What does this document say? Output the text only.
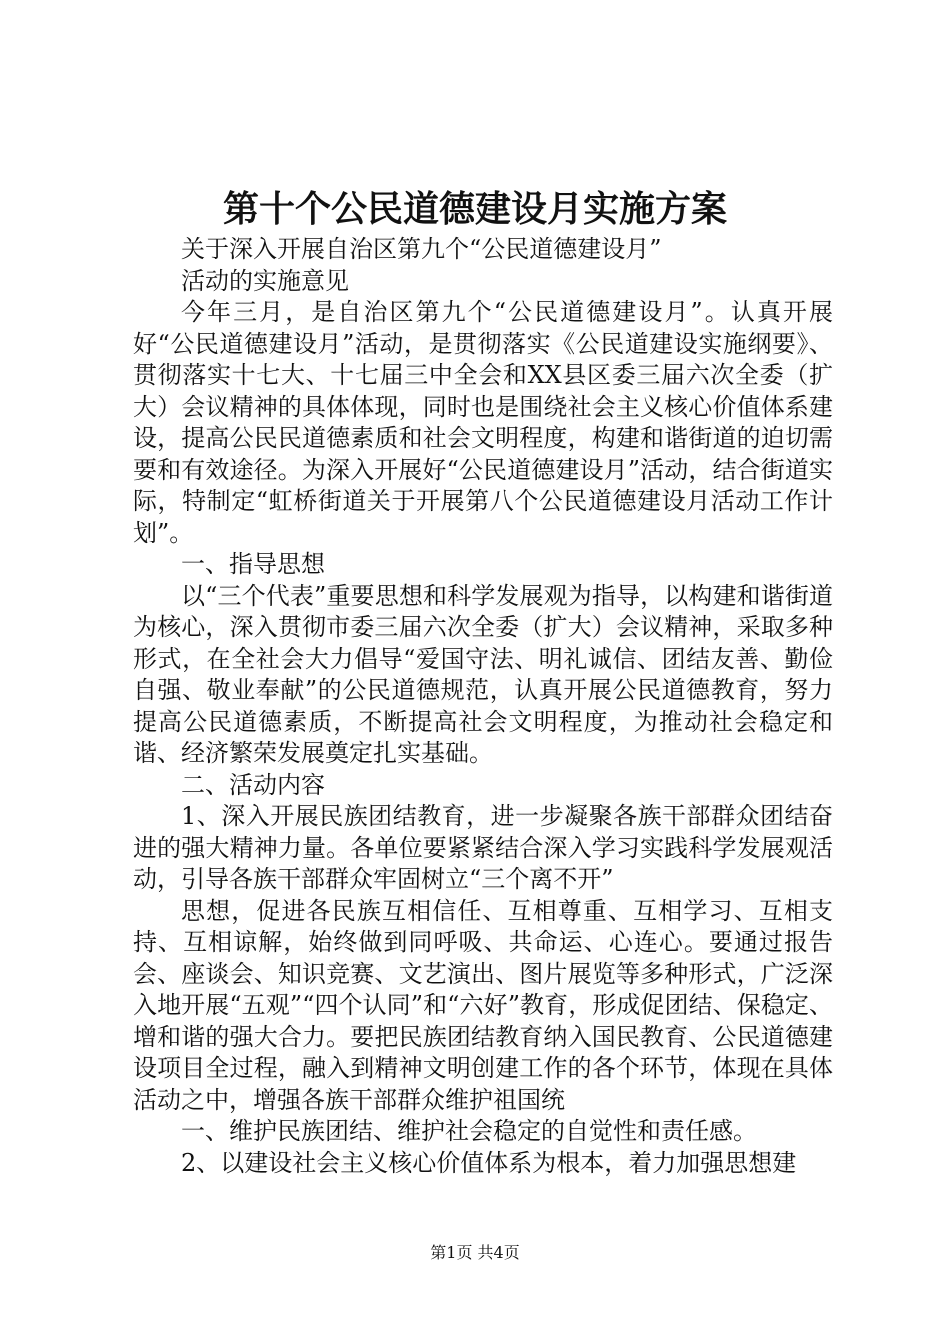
第十个公民道德建设月实施方案

关于深入开展自治区第九个“公民道德建设月”

活动的实施意见

今年三月，是自治区第九个“公民道德建设月”。认真开展好“公民道德建设月”活动，是贯彻落实《公民道建设实施纲要》、贯彻落实十七大、十七届三中全会和XX县区委三届六次全委（扩大）会议精神的具体体现，同时也是围绕社会主义核心价值体系建设，提高公民民道德素质和社会文明程度，构建和谐街道的迫切需要和有效途径。为深入开展好“公民道德建设月”活动，结合街道实际，特制定“虹桥街道关于开展第八个公民道德建设月活动工作计划”。

一、指导思想

以“三个代表”重要思想和科学发展观为指导，以构建和谐街道为核心，深入贯彻市委三届六次全委（扩大）会议精神，采取多种形式，在全社会大力倡导“爱国守法、明礼诚信、团结友善、勤俭自强、敬业奉献”的公民道德规范，认真开展公民道德教育，努力提高公民道德素质，不断提高社会文明程度，为推动社会稳定和谐、经济繁荣发展奠定扎实基础。

二、活动内容

1、深入开展民族团结教育，进一步凝聚各族干部群众团结奋进的强大精神力量。各单位要紧紧结合深入学习实践科学发展观活动，引导各族干部群众牢固树立“三个离不开”

思想，促进各民族互相信任、互相尊重、互相学习、互相支持、互相谅解，始终做到同呼吸、共命运、心连心。要通过报告会、座谈会、知识竞赛、文艺演出、图片展览等多种形式，广泛深入地开展“五观”“四个认同”和“六好”教育，形成促团结、保稳定、增和谐的强大合力。要把民族团结教育纳入国民教育、公民道德建设项目全过程，融入到精神文明创建工作的各个环节，体现在具体活动之中，增强各族干部群众维护祖国统

一、维护民族团结、维护社会稳定的自觉性和责任感。

2、以建设社会主义核心价值体系为根本，着力加强思想建

第1页 共4页
